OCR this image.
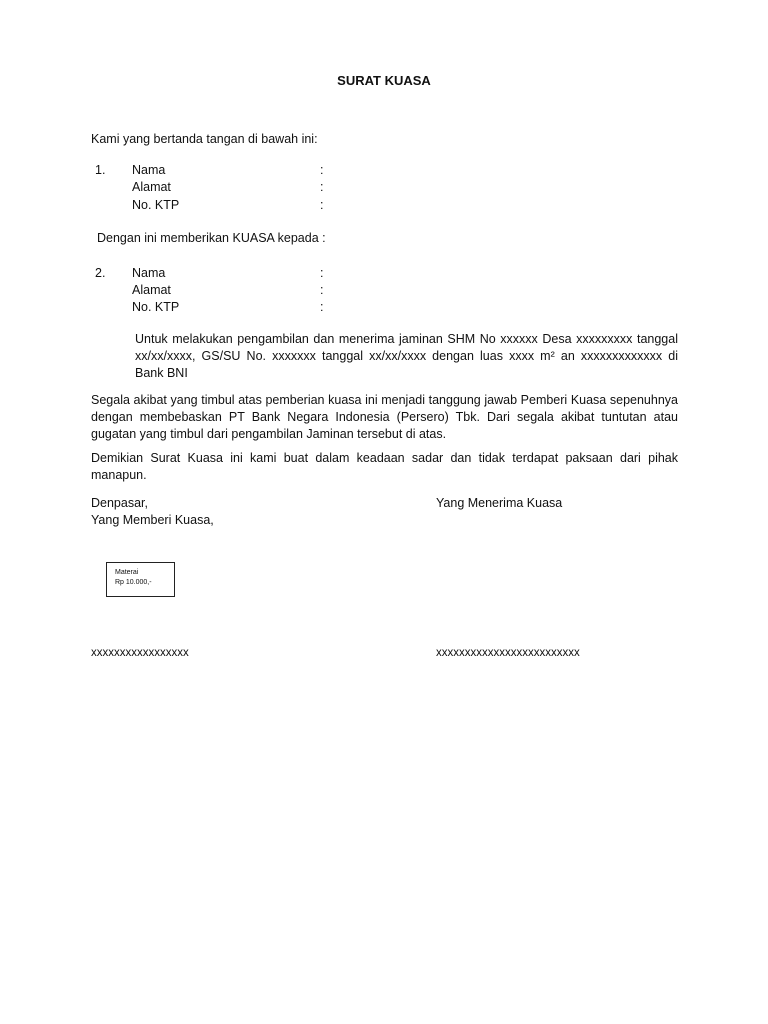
SURAT KUASA
Kami yang bertanda tangan di bawah ini:
1.	Nama	:
Alamat	:
No. KTP	:
Dengan ini memberikan KUASA kepada :
2.	Nama	:
Alamat	:
No. KTP	:

Untuk melakukan pengambilan dan menerima jaminan SHM No xxxxxx Desa xxxxxxxxx tanggal xx/xx/xxxx, GS/SU No. xxxxxxx tanggal xx/xx/xxxx dengan luas xxxx m² an xxxxxxxxxxxxx di Bank BNI

Segala akibat yang timbul atas pemberian kuasa ini menjadi tanggung jawab Pemberi Kuasa sepenuhnya dengan membebaskan PT Bank Negara Indonesia (Persero) Tbk. Dari segala akibat tuntutan atau gugatan yang timbul dari pengambilan Jaminan tersebut di atas.

Demikian Surat Kuasa ini kami buat dalam keadaan sadar dan tidak terdapat paksaan dari pihak manapun.

Denpasar,
Yang Memberi Kuasa,
Yang Menerima Kuasa
Materai
Rp 10.000,-
xxxxxxxxxxxxxxxxx	xxxxxxxxxxxxxxxxxxxxxxxxx
